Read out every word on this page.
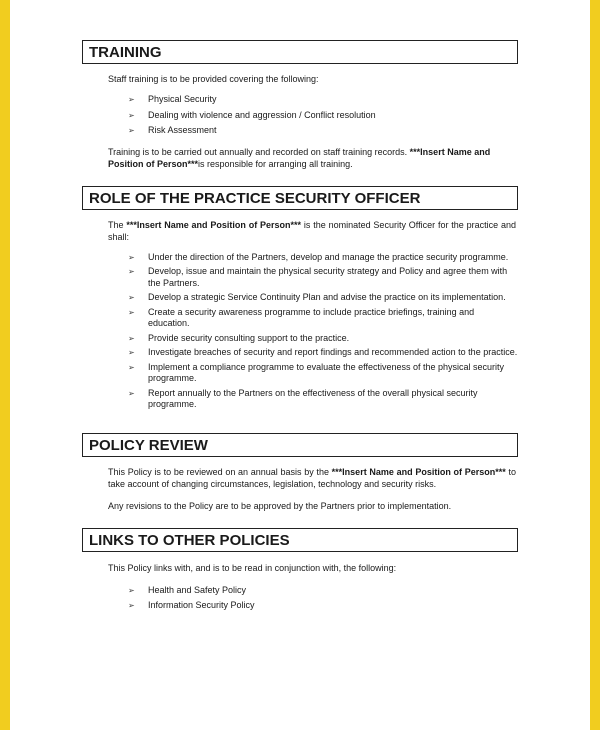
TRAINING

Staff training is to be provided covering the following:

➢ Physical Security
➢ Dealing with violence and aggression / Conflict resolution
➢ Risk Assessment

Training is to be carried out annually and recorded on staff training records. ***Insert Name and Position of Person***is responsible for arranging all training.

ROLE OF THE PRACTICE SECURITY OFFICER

The ***Insert Name and Position of Person*** is the nominated Security Officer for the practice and shall:

➢ Under the direction of the Partners, develop and manage the practice security programme.
➢ Develop, issue and maintain the physical security strategy and Policy and agree them with the Partners.
➢ Develop a strategic Service Continuity Plan and advise the practice on its implementation.
➢ Create a security awareness programme to include practice briefings, training and education.
➢ Provide security consulting support to the practice.
➢ Investigate breaches of security and report findings and recommended action to the practice.
➢ Implement a compliance programme to evaluate the effectiveness of the physical security programme.
➢ Report annually to the Partners on the effectiveness of the overall physical security programme.
POLICY REVIEW

This Policy is to be reviewed on an annual basis by the ***Insert Name and Position of Person*** to take account of changing circumstances, legislation, technology and security risks.

Any revisions to the Policy are to be approved by the Partners prior to implementation.

LINKS TO OTHER POLICIES

This Policy links with, and is to be read in conjunction with, the following:

➢ Health and Safety Policy
➢ Information Security Policy
